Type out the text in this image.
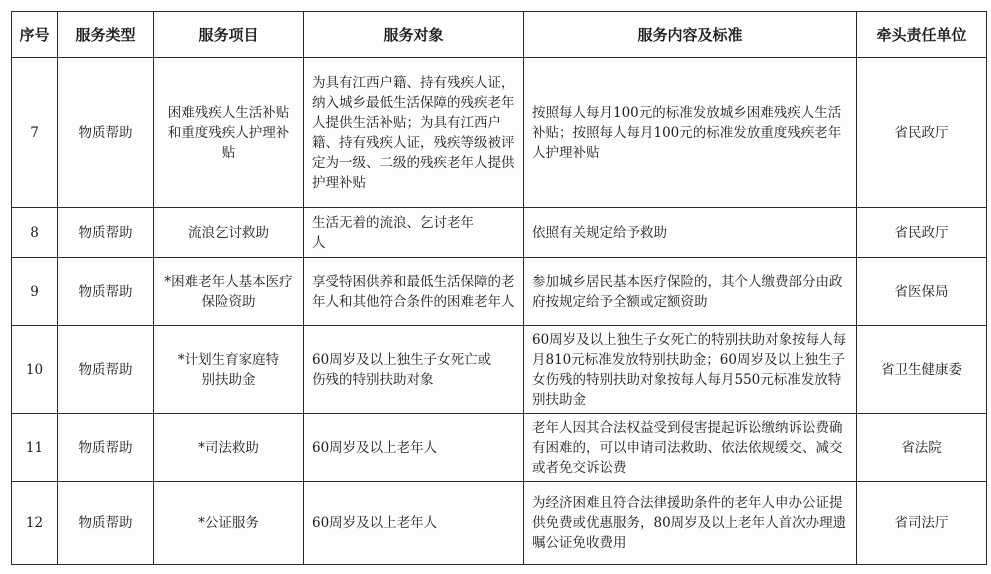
序号	服务类型	服务项目	服务对象	服务内容及标准	牵头责任单位
7	物质帮助	困难残疾人生活补贴和重度残疾人护理补贴	为具有江西户籍、持有残疾人证，纳入城乡最低生活保障的残疾老年人提供生活补贴；为具有江西户籍、持有残疾人证，残疾等级被评定为一级、二级的残疾老年人提供护理补贴	按照每人每月100元的标准发放城乡困难残疾人生活补贴；按照每人每月100元的标准发放重度残疾老年人护理补贴	省民政厅
8	物质帮助	流浪乞讨救助	生活无着的流浪、乞讨老年人	依照有关规定给予救助	省民政厅
9	物质帮助	*困难老年人基本医疗保险资助	享受特困供养和最低生活保障的老年人和其他符合条件的困难老年人	参加城乡居民基本医疗保险的，其个人缴费部分由政府按规定给予全额或定额资助	省医保局
10	物质帮助	*计划生育家庭特别扶助金	60周岁及以上独生子女死亡或伤残的特别扶助对象	60周岁及以上独生子女死亡的特别扶助对象按每人每月810元标准发放特别扶助金；60周岁及以上独生子女伤残的特别扶助对象按每人每月550元标准发放特别扶助金	省卫生健康委
11	物质帮助	*司法救助	60周岁及以上老年人	老年人因其合法权益受到侵害提起诉讼缴纳诉讼费确有困难的，可以申请司法救助、依法依规缓交、减交或者免交诉讼费	省法院
12	物质帮助	*公证服务	60周岁及以上老年人	为经济困难且符合法律援助条件的老年人申办公证提供免费或优惠服务，80周岁及以上老年人首次办理遗嘱公证免收费用	省司法厅
